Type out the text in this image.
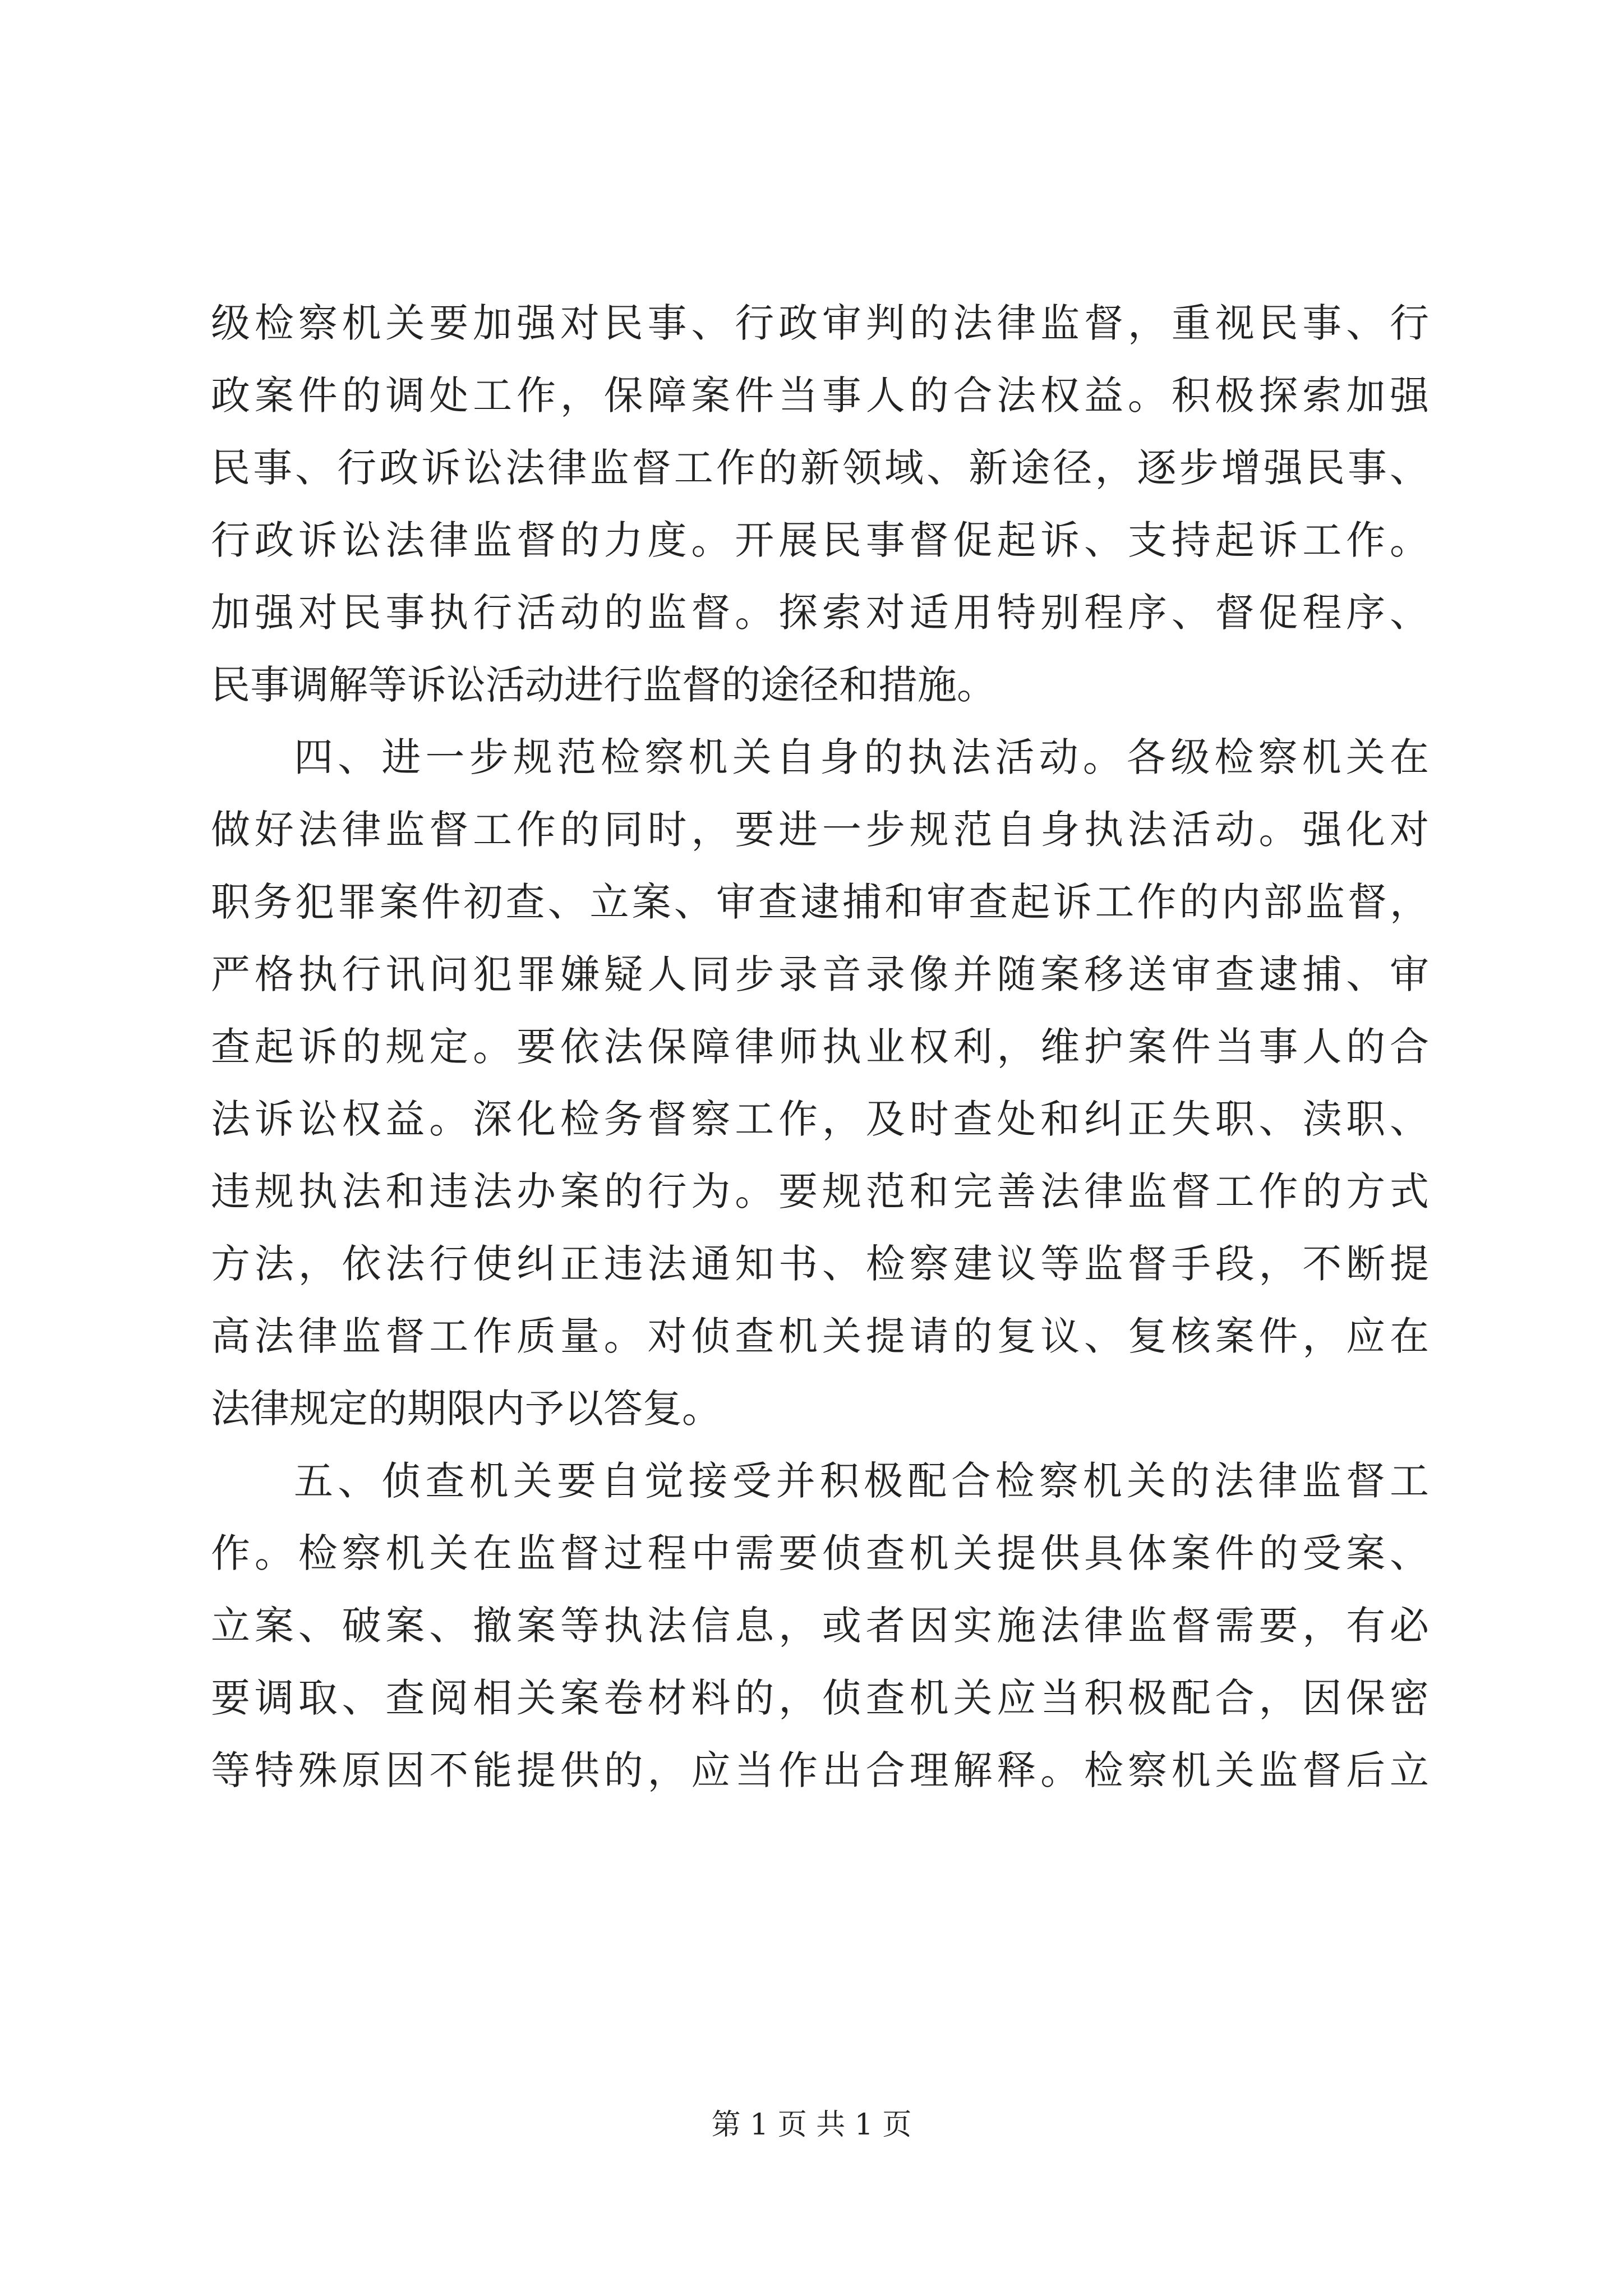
级检察机关要加强对民事、行政审判的法律监督，重视民事、行
政案件的调处工作，保障案件当事人的合法权益。积极探索加强
民事、行政诉讼法律监督工作的新领域、新途径，逐步增强民事、
行政诉讼法律监督的力度。开展民事督促起诉、支持起诉工作。
加强对民事执行活动的监督。探索对适用特别程序、督促程序、
民事调解等诉讼活动进行监督的途径和措施。
四、进一步规范检察机关自身的执法活动。各级检察机关在
做好法律监督工作的同时，要进一步规范自身执法活动。强化对
职务犯罪案件初查、立案、审查逮捕和审查起诉工作的内部监督，
严格执行讯问犯罪嫌疑人同步录音录像并随案移送审查逮捕、审
查起诉的规定。要依法保障律师执业权利，维护案件当事人的合
法诉讼权益。深化检务督察工作，及时查处和纠正失职、渎职、
违规执法和违法办案的行为。要规范和完善法律监督工作的方式
方法，依法行使纠正违法通知书、检察建议等监督手段，不断提
高法律监督工作质量。对侦查机关提请的复议、复核案件，应在
法律规定的期限内予以答复。
五、侦查机关要自觉接受并积极配合检察机关的法律监督工
作。检察机关在监督过程中需要侦查机关提供具体案件的受案、
立案、破案、撤案等执法信息，或者因实施法律监督需要，有必
要调取、查阅相关案卷材料的，侦查机关应当积极配合，因保密
等特殊原因不能提供的，应当作出合理解释。检察机关监督后立
第 1 页 共 1 页
